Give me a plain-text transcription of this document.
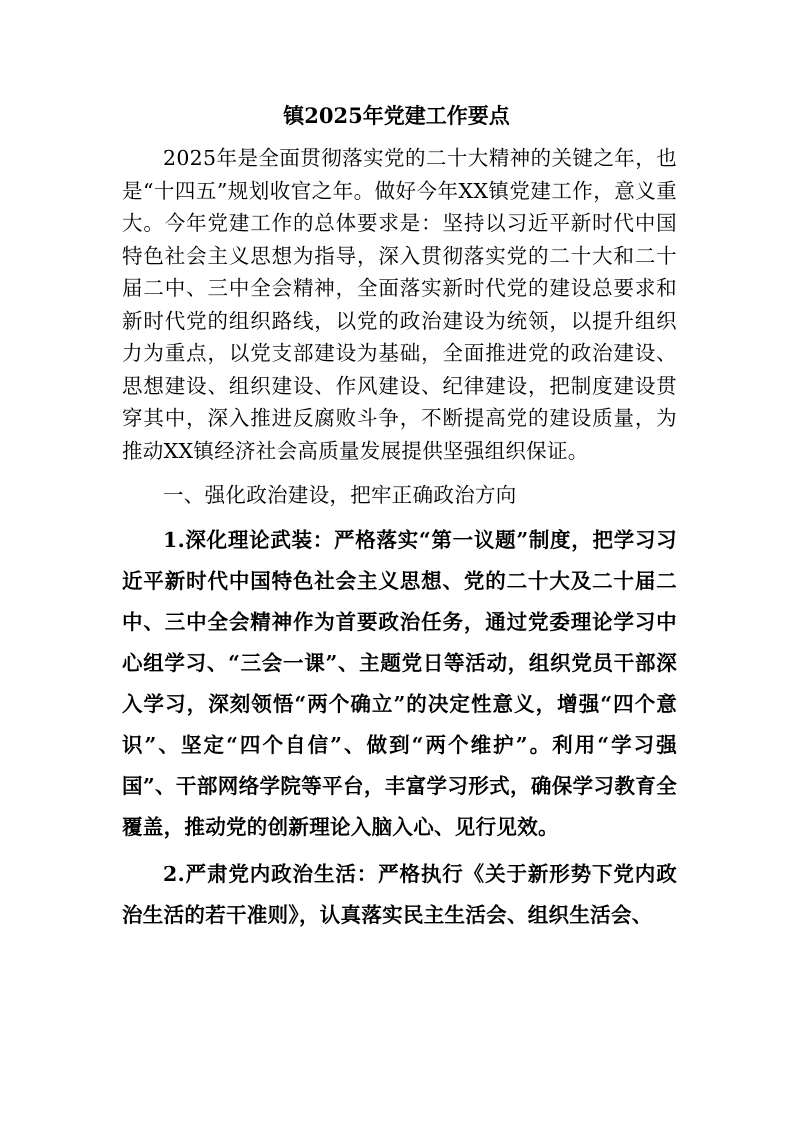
镇2025年党建工作要点

2025年是全面贯彻落实党的二十大精神的关键之年，也是“十四五”规划收官之年。做好今年XX镇党建工作，意义重大。今年党建工作的总体要求是：坚持以习近平新时代中国特色社会主义思想为指导，深入贯彻落实党的二十大和二十届二中、三中全会精神，全面落实新时代党的建设总要求和新时代党的组织路线，以党的政治建设为统领，以提升组织力为重点，以党支部建设为基础，全面推进党的政治建设、思想建设、组织建设、作风建设、纪律建设，把制度建设贯穿其中，深入推进反腐败斗争，不断提高党的建设质量，为推动XX镇经济社会高质量发展提供坚强组织保证。

一、强化政治建设，把牢正确政治方向

1.深化理论武装：严格落实“第一议题”制度，把学习习近平新时代中国特色社会主义思想、党的二十大及二十届二中、三中全会精神作为首要政治任务，通过党委理论学习中心组学习、“三会一课”、主题党日等活动，组织党员干部深入学习，深刻领悟“两个确立”的决定性意义，增强“四个意识”、坚定“四个自信”、做到“两个维护”。利用“学习强国”、干部网络学院等平台，丰富学习形式，确保学习教育全覆盖，推动党的创新理论入脑入心、见行见效。

2.严肃党内政治生活：严格执行《关于新形势下党内政治生活的若干准则》，认真落实民主生活会、组织生活会、
